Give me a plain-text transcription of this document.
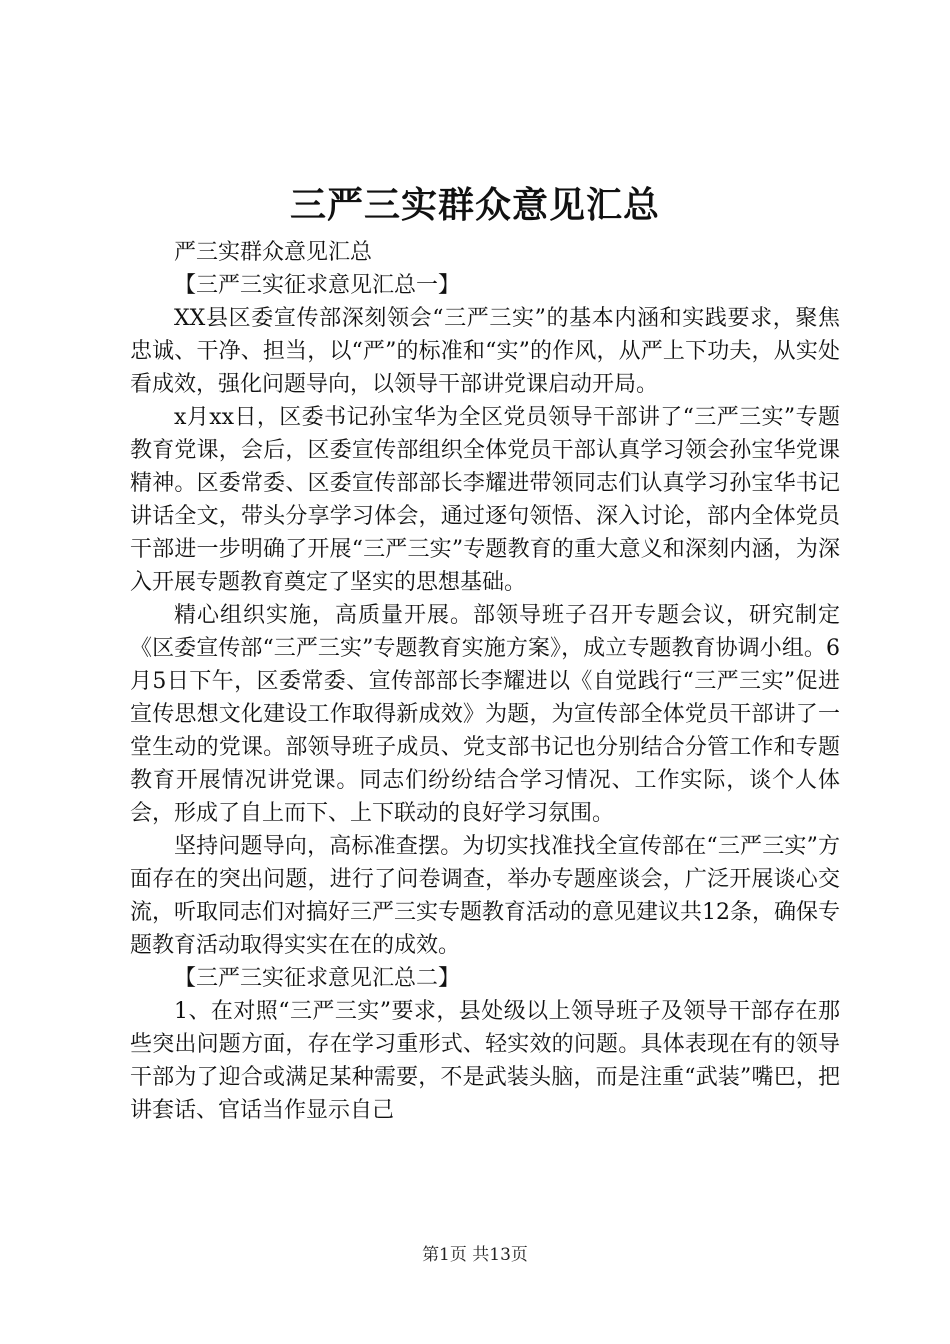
三严三实群众意见汇总

严三实群众意见汇总

【三严三实征求意见汇总一】

XX县区委宣传部深刻领会“三严三实”的基本内涵和实践要求，聚焦忠诚、干净、担当，以“严”的标准和“实”的作风，从严上下功夫，从实处看成效，强化问题导向，以领导干部讲党课启动开局。

x月xx日，区委书记孙宝华为全区党员领导干部讲了“三严三实”专题教育党课，会后，区委宣传部组织全体党员干部认真学习领会孙宝华党课精神。区委常委、区委宣传部部长李耀进带领同志们认真学习孙宝华书记讲话全文，带头分享学习体会，通过逐句领悟、深入讨论，部内全体党员干部进一步明确了开展“三严三实”专题教育的重大意义和深刻内涵，为深入开展专题教育奠定了坚实的思想基础。

精心组织实施，高质量开展。部领导班子召开专题会议，研究制定《区委宣传部“三严三实”专题教育实施方案》，成立专题教育协调小组。6月5日下午，区委常委、宣传部部长李耀进以《自觉践行“三严三实”促进宣传思想文化建设工作取得新成效》为题，为宣传部全体党员干部讲了一堂生动的党课。部领导班子成员、党支部书记也分别结合分管工作和专题教育开展情况讲党课。同志们纷纷结合学习情况、工作实际，谈个人体会，形成了自上而下、上下联动的良好学习氛围。

坚持问题导向，高标准查摆。为切实找准找全宣传部在“三严三实”方面存在的突出问题，进行了问卷调查，举办专题座谈会，广泛开展谈心交流，听取同志们对搞好三严三实专题教育活动的意见建议共12条，确保专题教育活动取得实实在在的成效。

【三严三实征求意见汇总二】

1、在对照“三严三实”要求，县处级以上领导班子及领导干部存在那些突出问题方面，存在学习重形式、轻实效的问题。具体表现在有的领导干部为了迎合或满足某种需要，不是武装头脑，而是注重“武装”嘴巴，把讲套话、官话当作显示自己

第1页 共13页
